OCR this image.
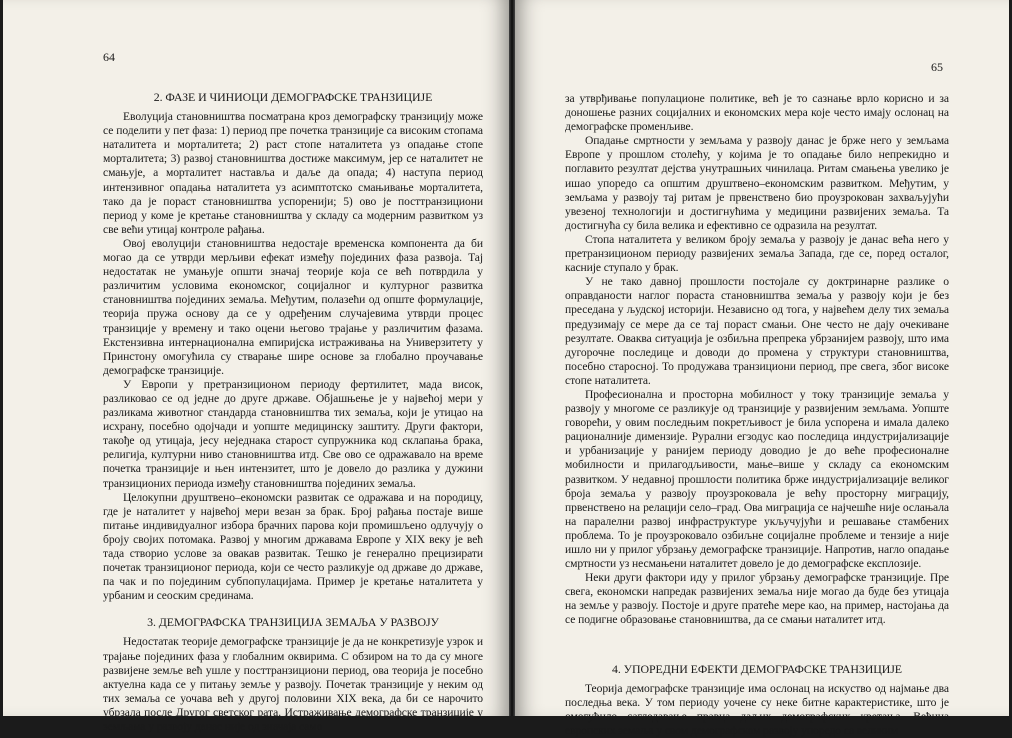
64
2. ФАЗЕ И ЧИНИОЦИ ДЕМОГРАФСКЕ ТРАНЗИЦИЈЕ

Еволуција становништва посматрана кроз демографску транзицију може се поделити у пет фаза: 1) период пре почетка транзиције са високим стопама наталитета и морталитета; 2) раст стопе наталитета уз опадање стопе морталитета; 3) развој становништва достиже максимум, јер се наталитет не смањује, а морталитет наставља и даље да опада; 4) наступа период интензивног опадања наталитета уз асимптотско смањивање морталитета, тако да је пораст становништва успоренији; 5) ово је посттранзициони период у коме је кретање становништва у складу са модерним развитком уз све већи утицај контроле рађања.

Овој еволуцији становништва недостаје временска компонента да би могао да се утврди мерљиви ефекат између појединих фаза развоја. Тај недостатак не умањује општи значај теорије која се већ потврдила у различитим условима економског, социјалног и културног развитка становништва појединих земаља. Међутим, полазећи од опште формулације, теорија пружа основу да се у одређеним случајевима утврди процес транзиције у времену и тако оцени његово трајање у различитим фазама. Екстензивна интернационална емпиријска истраживања на Универзитету у Принстону омогућила су стварање шире основе за глобално проучавање демографске транзиције.

У Европи у претранзиционом периоду фертилитет, мада висок, разликовао се од једне до друге државе. Објашњење је у највећој мери у разликама животног стандарда становништва тих земаља, који је утицао на исхрану, посебно одојчади и уопште медицинску заштиту. Други фактори, такође од утицаја, јесу неједнака старост супружника код склапања брака, религија, културни ниво становништва итд. Све ово се одражавало на време почетка транзиције и њен интензитет, што је довело до разлика у дужини транзиционих периода између становништва појединих земаља.

Целокупни друштвено–економски развитак се одражава и на породицу, где је наталитет у највећој мери везан за брак. Број рађања постаје више питање индивидуалног избора брачних парова који промишљено одлучују о броју својих потомака. Развој у многим државама Европе у XIX веку је већ тада створио услове за овакав развитак. Тешко је генерално прецизирати почетак транзиционог периода, који се често разликује од државе до државе, па чак и по појединим субпопулацијама. Пример је кретање наталитета у урбаним и сеоским срединама.

3. ДЕМОГРАФСКА ТРАНЗИЦИЈА ЗЕМАЉА У РАЗВОЈУ

Недостатак теорије демографске транзиције је да не конкретизује узрок и трајање појединих фаза у глобалним оквирима. С обзиром на то да су многе развијене земље већ ушле у посттранзициони период, ова теорија је посебно актуелна када се у питању земље у развоју. Почетак транзиције у неким од тих земаља се уочава већ у другој половини XIX века, да би се нарочито убрзала после Другог светског рата. Истраживање демографске транзиције у земљама у развоју данас није од значаја само

65

за утврђивање популационе политике, већ је то сазнање врло корисно и за доношење разних социјалних и економских мера које често имају ослонац на демографске променљиве.

Опадање смртности у земљама у развоју данас је брже него у земљама Европе у прошлом столећу, у којима је то опадање било непрекидно и поглавито резултат дејства унутрашњих чинилаца. Ритам смањења увелико је ишао упоредо са општим друштвено–економским развитком. Међутим, у земљама у развоју тај ритам је првенствено био проузрокован захваљујући увезеној технологији и достигнућима у медицини развијених земаља. Та достигнућа су била велика и ефективно се одразила на резултат.

Стопа наталитета у великом броју земаља у развоју је данас већа него у претранзиционом периоду развијених земаља Запада, где се, поред осталог, касније ступало у брак.

У не тако давној прошлости постојале су доктринарне разлике о оправданости наглог пораста становништва земаља у развоју који је без преседана у људској историји. Независно од тога, у највећем делу тих земаља предузимају се мере да се тај пораст смањи. Оне често не дају очекиване резултате. Оваква ситуација је озбиљна препрека убрзанијем развоју, што има дугорочне последице и доводи до промена у структури становништва, посебно старосној. То продужава транзициони период, пре свега, због високе стопе наталитета.

Професионална и просторна мобилност у току транзиције земаља у развоју у многоме се разликује од транзиције у развијеним земљама. Уопште говорећи, у овим последњим покретљивост је била успорена и имала далеко рационалније димензије. Рурални егзодус као последица индустријализације и урбанизације у ранијем периоду доводио је до веће професионалне мобилности и прилагодљивости, мање–више у складу са економским развитком. У недавној прошлости политика брже индустријализације великог броја земаља у развоју проузроковала је већу просторну миграцију, првенствено на релацији село–град. Ова миграција се најчешће није ослањала на паралелни развој инфраструктуре укључујући и решавање стамбених проблема. То је проузроковало озбиљне социјалне проблеме и тензије а није ишло ни у прилог убрзању демографске транзиције. Напротив, нагло опадање смртности уз несмањени наталитет довело је до демографске експлозије.

Неки други фактори иду у прилог убрзању демографске транзиције. Пре свега, економски напредак развијених земаља није могао да буде без утицаја на земље у развоју. Постоје и друге пратеће мере као, на пример, настојања да се подигне образовање становништва, да се смањи наталитет итд.

4. УПОРЕДНИ ЕФЕКТИ ДЕМОГРАФСКЕ ТРАНЗИЦИЈЕ

Теорија демографске транзиције има ослонац на искуство од најмање два последња века. У том периоду уочене су неке битне карактеристике, што је омогућило сагледавање правца даљих демографских кретања. Већина европских земаља у свом демографском развоју упоредо са великим
